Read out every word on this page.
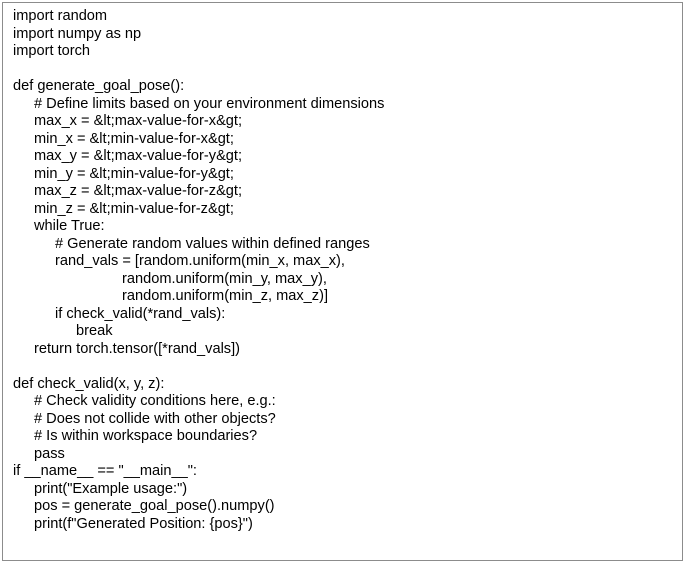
import random
import numpy as np
import torch
def generate_goal_pose():
# Define limits based on your environment dimensions
max_x = &lt;max-value-for-x&gt;
min_x = &lt;min-value-for-x&gt;
max_y = &lt;max-value-for-y&gt;
min_y = &lt;min-value-for-y&gt;
max_z = &lt;max-value-for-z&gt;
min_z = &lt;min-value-for-z&gt;
while True:
# Generate random values within defined ranges
rand_vals = [random.uniform(min_x, max_x),
random.uniform(min_y, max_y),
random.uniform(min_z, max_z)]
if check_valid(*rand_vals):
break
return torch.tensor([*rand_vals])
def check_valid(x, y, z):
# Check validity conditions here, e.g.:
# Does not collide with other objects?
# Is within workspace boundaries?
pass
if __name__ == "__main__":
print("Example usage:")
pos = generate_goal_pose().numpy()
print(f"Generated Position: {pos}")
